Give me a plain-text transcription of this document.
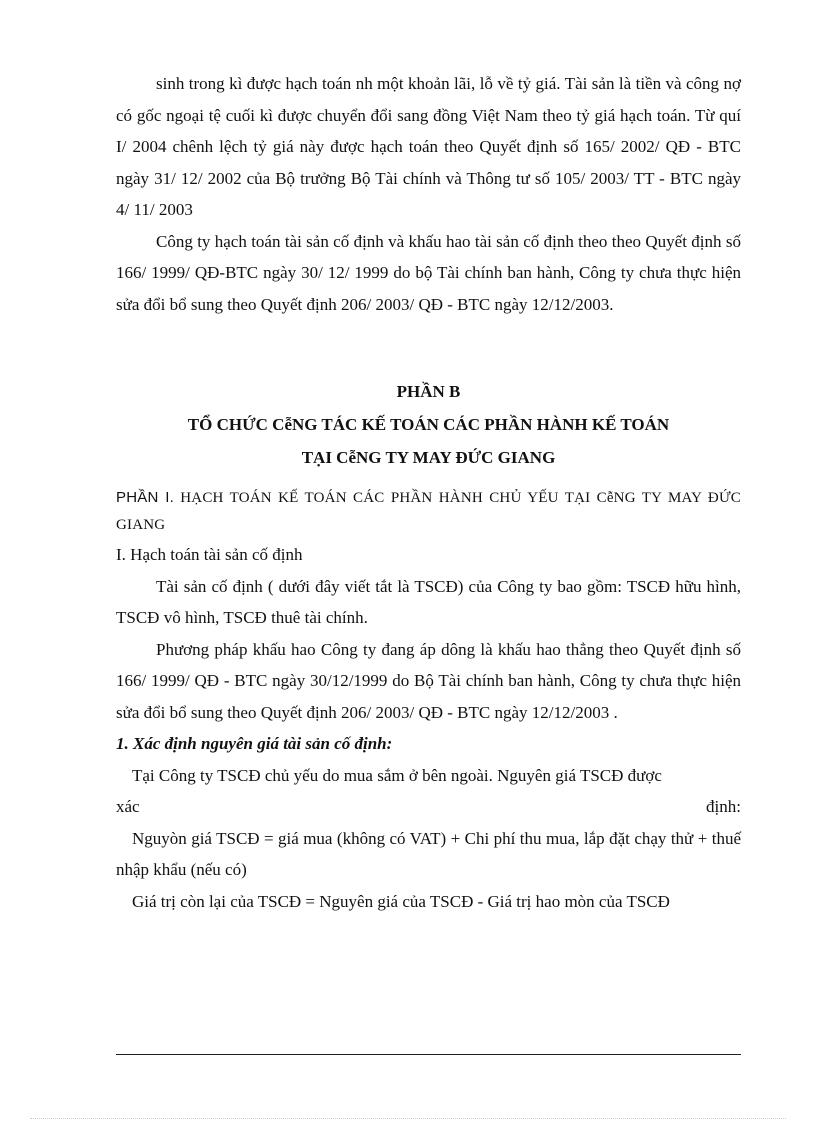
sinh trong kì được hạch toán nh một khoản lãi, lỗ về tỷ giá. Tài sản là tiền và công nợ có gốc ngoại tệ cuối kì được chuyển đổi sang đồng Việt Nam theo tỷ giá hạch toán. Từ quí I/ 2004 chênh lệch tỷ giá này được hạch toán theo Quyết định số 165/ 2002/ QĐ - BTC ngày 31/ 12/ 2002 của Bộ trưởng Bộ Tài chính và Thông tư số 105/ 2003/ TT - BTC ngày 4/ 11/ 2003

Công ty hạch toán tài sản cố định và khấu hao tài sản cố định theo theo Quyết định số 166/ 1999/ QĐ-BTC ngày 30/ 12/ 1999 do bộ Tài chính ban hành, Công ty chưa thực hiện sửa đổi bổ sung theo Quyết định 206/ 2003/ QĐ - BTC ngày 12/12/2003.

PHẦN B
TỔ CHỨC CễNG TÁC KẾ TOÁN CÁC PHẦN HÀNH KẾ TOÁN
TẠI CễNG TY MAY ĐỨC GIANG

PHẦN I. HẠCH TOÁN KẾ TOÁN CÁC PHẦN HÀNH CHỦ YẾU TẠI CễNG TY MAY ĐỨC GIANG

I. Hạch toán tài sản cố định

Tài sản cố định ( dưới đây viết tắt là TSCĐ) của Công ty bao gồm: TSCĐ hữu hình, TSCĐ vô hình, TSCĐ thuê tài chính.

Phương pháp khấu hao Công ty đang áp dông là khấu hao thẳng theo Quyết định số 166/ 1999/ QĐ - BTC ngày 30/12/1999 do Bộ Tài chính ban hành, Công ty chưa thực hiện sửa đổi bổ sung theo Quyết định 206/ 2003/ QĐ - BTC ngày 12/12/2003 .

1. Xác định nguyên giá tài sản cố định:

Tại Công ty TSCĐ chủ yếu do mua sắm ở bên ngoài. Nguyên giá TSCĐ được

xác	định:

Nguyòn giá TSCĐ = giá mua (không có VAT) + Chi phí thu mua, lắp đặt chạy thử + thuế nhập khẩu (nếu có)

Giá trị còn lại của TSCĐ = Nguyên giá của TSCĐ - Giá trị hao mòn của TSCĐ
